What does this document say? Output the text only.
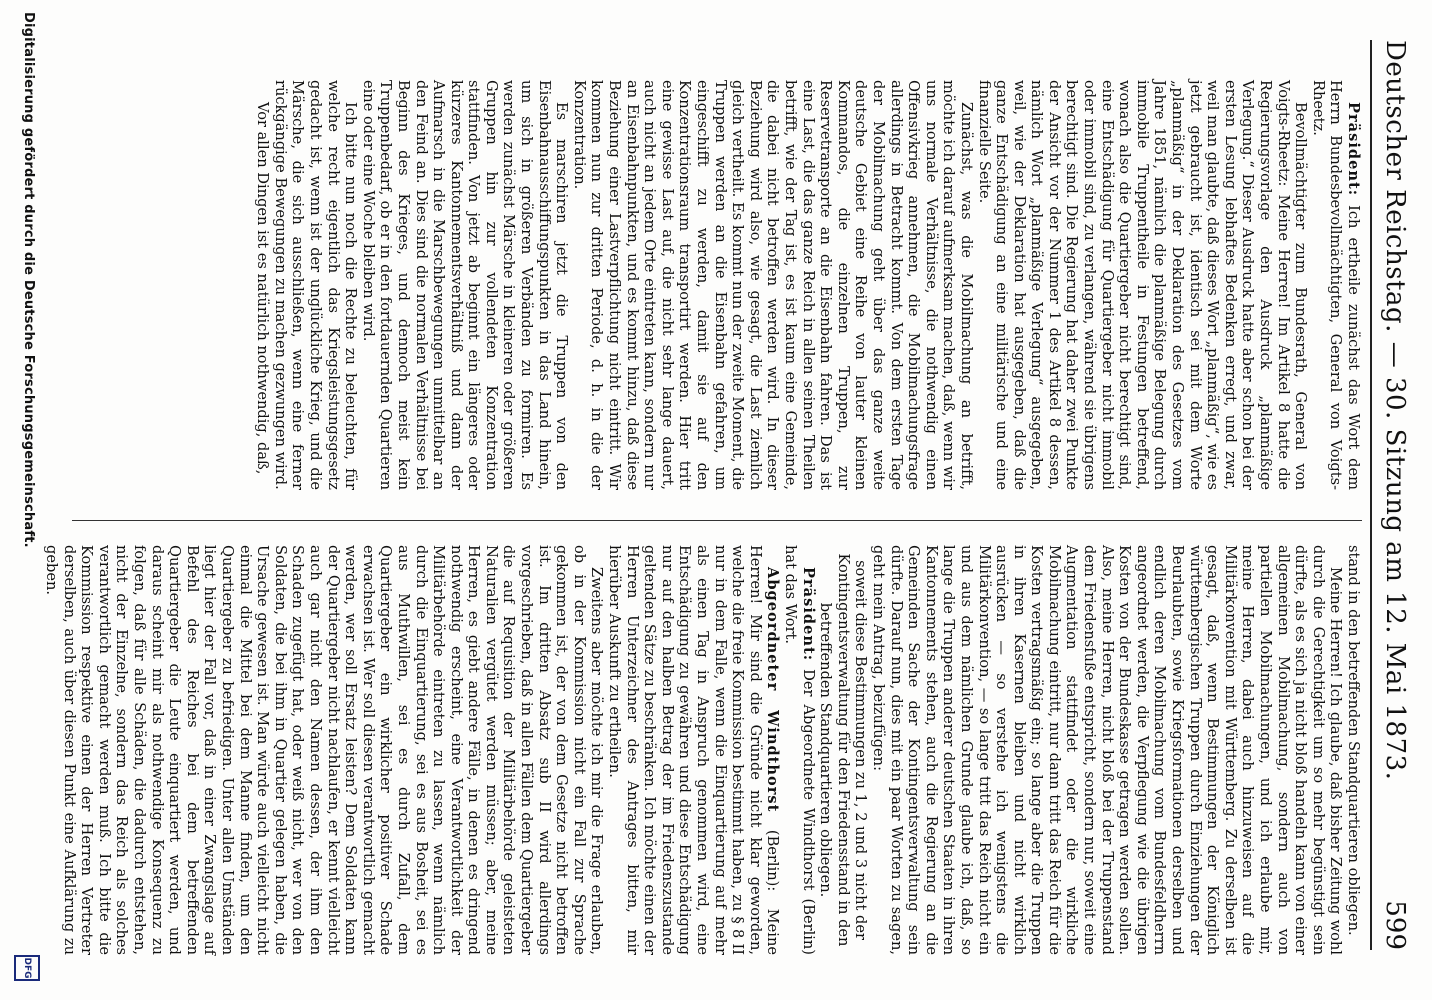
Deutscher Reichstag. — 30. Sitzung am 12. Mai 1873.
599

stand in den betreffenden Standquartieren obliegen.

Meine Herren! Ich glaube, daß bisher Zeitung wohl durch die Gerechtigkeit um so mehr begünstigt sein dürfte, als es sich ja nicht bloß handeln kann von einer allgemeinen Mobilmachung, sondern auch von partiellen Mobilmachungen, und ich erlaube mir, meine Herren, dabei auch hinzuweisen auf die Militärkonvention mit Württemberg. Zu derselben ist gesagt, daß, wenn Bestimmungen der Königlich württembergischen Truppen durch Einziehungen der Beurlaubten, sowie Kriegsformationen derselben und endlich deren Mobilmachung vom Bundesfeldherrn angeordnet werden, die Verpflegung wie die übrigen Kosten von der Bundeskasse getragen werden sollen. Also, meine Herren, nicht bloß bei der Truppenstand dem Friedensfuße entspricht, sondern nur, soweit eine Augmentation stattfindet oder die wirkliche Mobilmachung eintritt, nur dann tritt das Reich für die Kosten vertragsmäßig ein; so lange aber die Truppen in ihren Kasernen bleiben und nicht wirklich ausrücken — so verstehe ich wenigstens die Militärkonvention, — so lange tritt das Reich nicht ein und aus dem nämlichen Grunde glaube ich, daß, so lange die Truppen anderer deutschen Staaten in ihren Kantonnements stehen, auch die Regierung an die Gemeinden Sache der Kontingentsverwaltung sein dürfte. Darauf nun, dies mit ein paar Worten zu sagen, geht mein Antrag, beizufügen:

soweit diese Bestimmungen zu 1, 2 und 3 nicht der Kontingentsverwaltung für den Friedensstand in den betreffenden Standquartieren obliegen.

Präsident: Der Abgeordnete Windthorst (Berlin) hat das Wort.

Abgeordneter Windthorst (Berlin): Meine Herren! Mir sind die Gründe nicht klar geworden, welche die freie Kommission bestimmt haben, zu § 8 II nur in dem Falle, wenn die Einquartierung auf mehr als einen Tag in Anspruch genommen wird, eine Entschädigung zu gewähren und diese Entschädigung nur auf den halben Betrag der im Friedenszustande geltenden Sätze zu beschränken. Ich möchte einen der Herren Unterzeichner des Antrages bitten, mir hierüber Auskunft zu ertheilen.

Zweitens aber möchte ich mir die Frage erlauben, ob in der Kommission nicht ein Fall zur Sprache gekommen ist, der von dem Gesetze nicht betroffen ist. Im dritten Absatz sub II wird allerdings vorgeschrieben, daß in allen Fällen dem Quartiergeber die auf Requisition der Militärbehörde geleisteten Naturalien vergütet werden müssen; aber, meine Herren, es giebt andere Fälle, in denen es dringend nothwendig erscheint, eine Verantwortlichkeit der Militärbehörde eintreten zu lassen, wenn nämlich durch die Einquartierung, sei es aus Bosheit, sei es aus Muthwillen, sei es durch Zufall, dem Quartiergeber ein wirklicher positiver Schade erwachsen ist. Wer soll diesen verantwortlich gemacht werden, wer soll Ersatz leisten? Dem Soldaten kann der Quartiergeber nicht nachlaufen, er kennt vielleicht auch gar nicht den Namen dessen, der ihm den Schaden zugefügt hat, oder weiß nicht, wer von den Soldaten, die bei ihm in Quartier gelegen haben, die Ursache gewesen ist. Man würde auch vielleicht nicht einmal die Mittel bei dem Manne finden, um den Quartiergeber zu befriedigen. Unter allen Umständen liegt hier der Fall vor, daß in einer Zwangslage auf Befehl des Reiches bei dem betreffenden Quartiergeber die Leute einquartiert werden, und daraus scheint mir als nothwendige Konsequenz zu folgen, daß für alle Schäden, die dadurch entstehen, nicht der Einzelne, sondern das Reich als solches verantwortlich gemacht werden muß. Ich bitte die Kommission respektive einen der Herren Vertreter derselben, auch über diesen Punkt eine Aufklärung zu geben.

Präsident: Ich ertheile zunächst das Wort dem Herrn Bundesbevollmächtigten, General von Voigts-Rheetz.

Bevollmächtigter zum Bundesrath, General von Voigts-Rheetz: Meine Herren! Im Artikel 8 hatte die Regierungsvorlage den Ausdruck „planmäßige Verlegung.“ Dieser Ausdruck hatte aber schon bei der ersten Lesung lebhaftes Bedenken erregt, und zwar, weil man glaubte, daß dieses Wort „planmäßig“, wie es jetzt gebraucht ist, identisch sei mit dem Worte „planmäßig“ in der Deklaration des Gesetzes vom Jahre 1851, nämlich die planmäßige Belegung durch immobile Truppentheile in Festungen betreffend, wonach also die Quartiergeber nicht berechtigt sind, eine Entschädigung für Quartiergeber nicht immobil oder immobil sind, zu verlangen, während sie übrigens berechtigt sind. Die Regierung hat daher zwei Punkte der Ansicht vor der Nummer 1 des Artikel 8 dessen, nämlich Wort „planmäßige Verlegung“ ausgegeben, weil, wie der Deklaration hat ausgegeben, daß die ganze Entschädigung an eine militärische und eine finanzielle Seite.

Zunächst, was die Mobilmachung an betrifft, möchte ich darauf aufmerksam machen, daß, wenn wir uns normale Verhältnisse, die nothwendig einen Offensivkrieg annehmen, die Mobilmachungsfrage allerdings in Betracht kommt. Von dem ersten Tage der Mobilmachung geht über das ganze weite deutsche Gebiet eine Reihe von lauter kleinen Kommandos, die einzelnen Truppen, zur Reservetransporte an die Eisenbahn fahren. Das ist eine Last, die das ganze Reich in allen seinen Theilen betrifft, wie der Tag ist, es ist kaum eine Gemeinde, die dabei nicht betroffen werden wird. In dieser Beziehung wird also, wie gesagt, die Last ziemlich gleich vertheilt. Es kommt nun der zweite Moment, die Truppen werden an die Eisenbahn gefahren, um eingeschifft zu werden, damit sie auf den Konzentrationsraum transportirt werden. Hier tritt eine gewisse Last auf, die nicht sehr lange dauert, auch nicht an jedem Orte eintreten kann, sondern nur an Eisenbahnpunkten, und es kommt hinzu, daß diese Beziehung einer Lastverpflichtung nicht eintritt. Wir kommen nun zur dritten Periode, d. h. in die der Konzentration.

Es marschiren jetzt die Truppen von den Eisenbahnausschiffungspunkten in das Land hinein, um sich in größeren Verbänden zu formiren. Es werden zunächst Märsche in kleineren oder größeren Gruppen hin zur vollendeten Konzentration stattfinden. Von jetzt ab beginnt ein längeres oder kürzeres Kantonnementsverhältniß und dann der Aufmarsch in die Marschbewegungen unmittelbar an den Feind an. Dies sind die normalen Verhältnisse bei Beginn des Krieges, und dennoch meist kein Truppenbedarf, ob er in den fortdauernden Quartieren eine oder eine Woche bleiben wird.

Ich bitte nun noch die Rechte zu beleuchten, für welche recht eigentlich das Kriegsleistungsgesetz gedacht ist, wenn ist der unglückliche Krieg, und die Märsche, die sich ausschließen, wenn eine ferner rückgängige Bewegungen zu machen gezwungen wird.

Vor allen Dingen ist es natürlich nothwendig, daß,

Digitalisierung gefördert durch die Deutsche Forschungsgemeinschaft.
DFG
